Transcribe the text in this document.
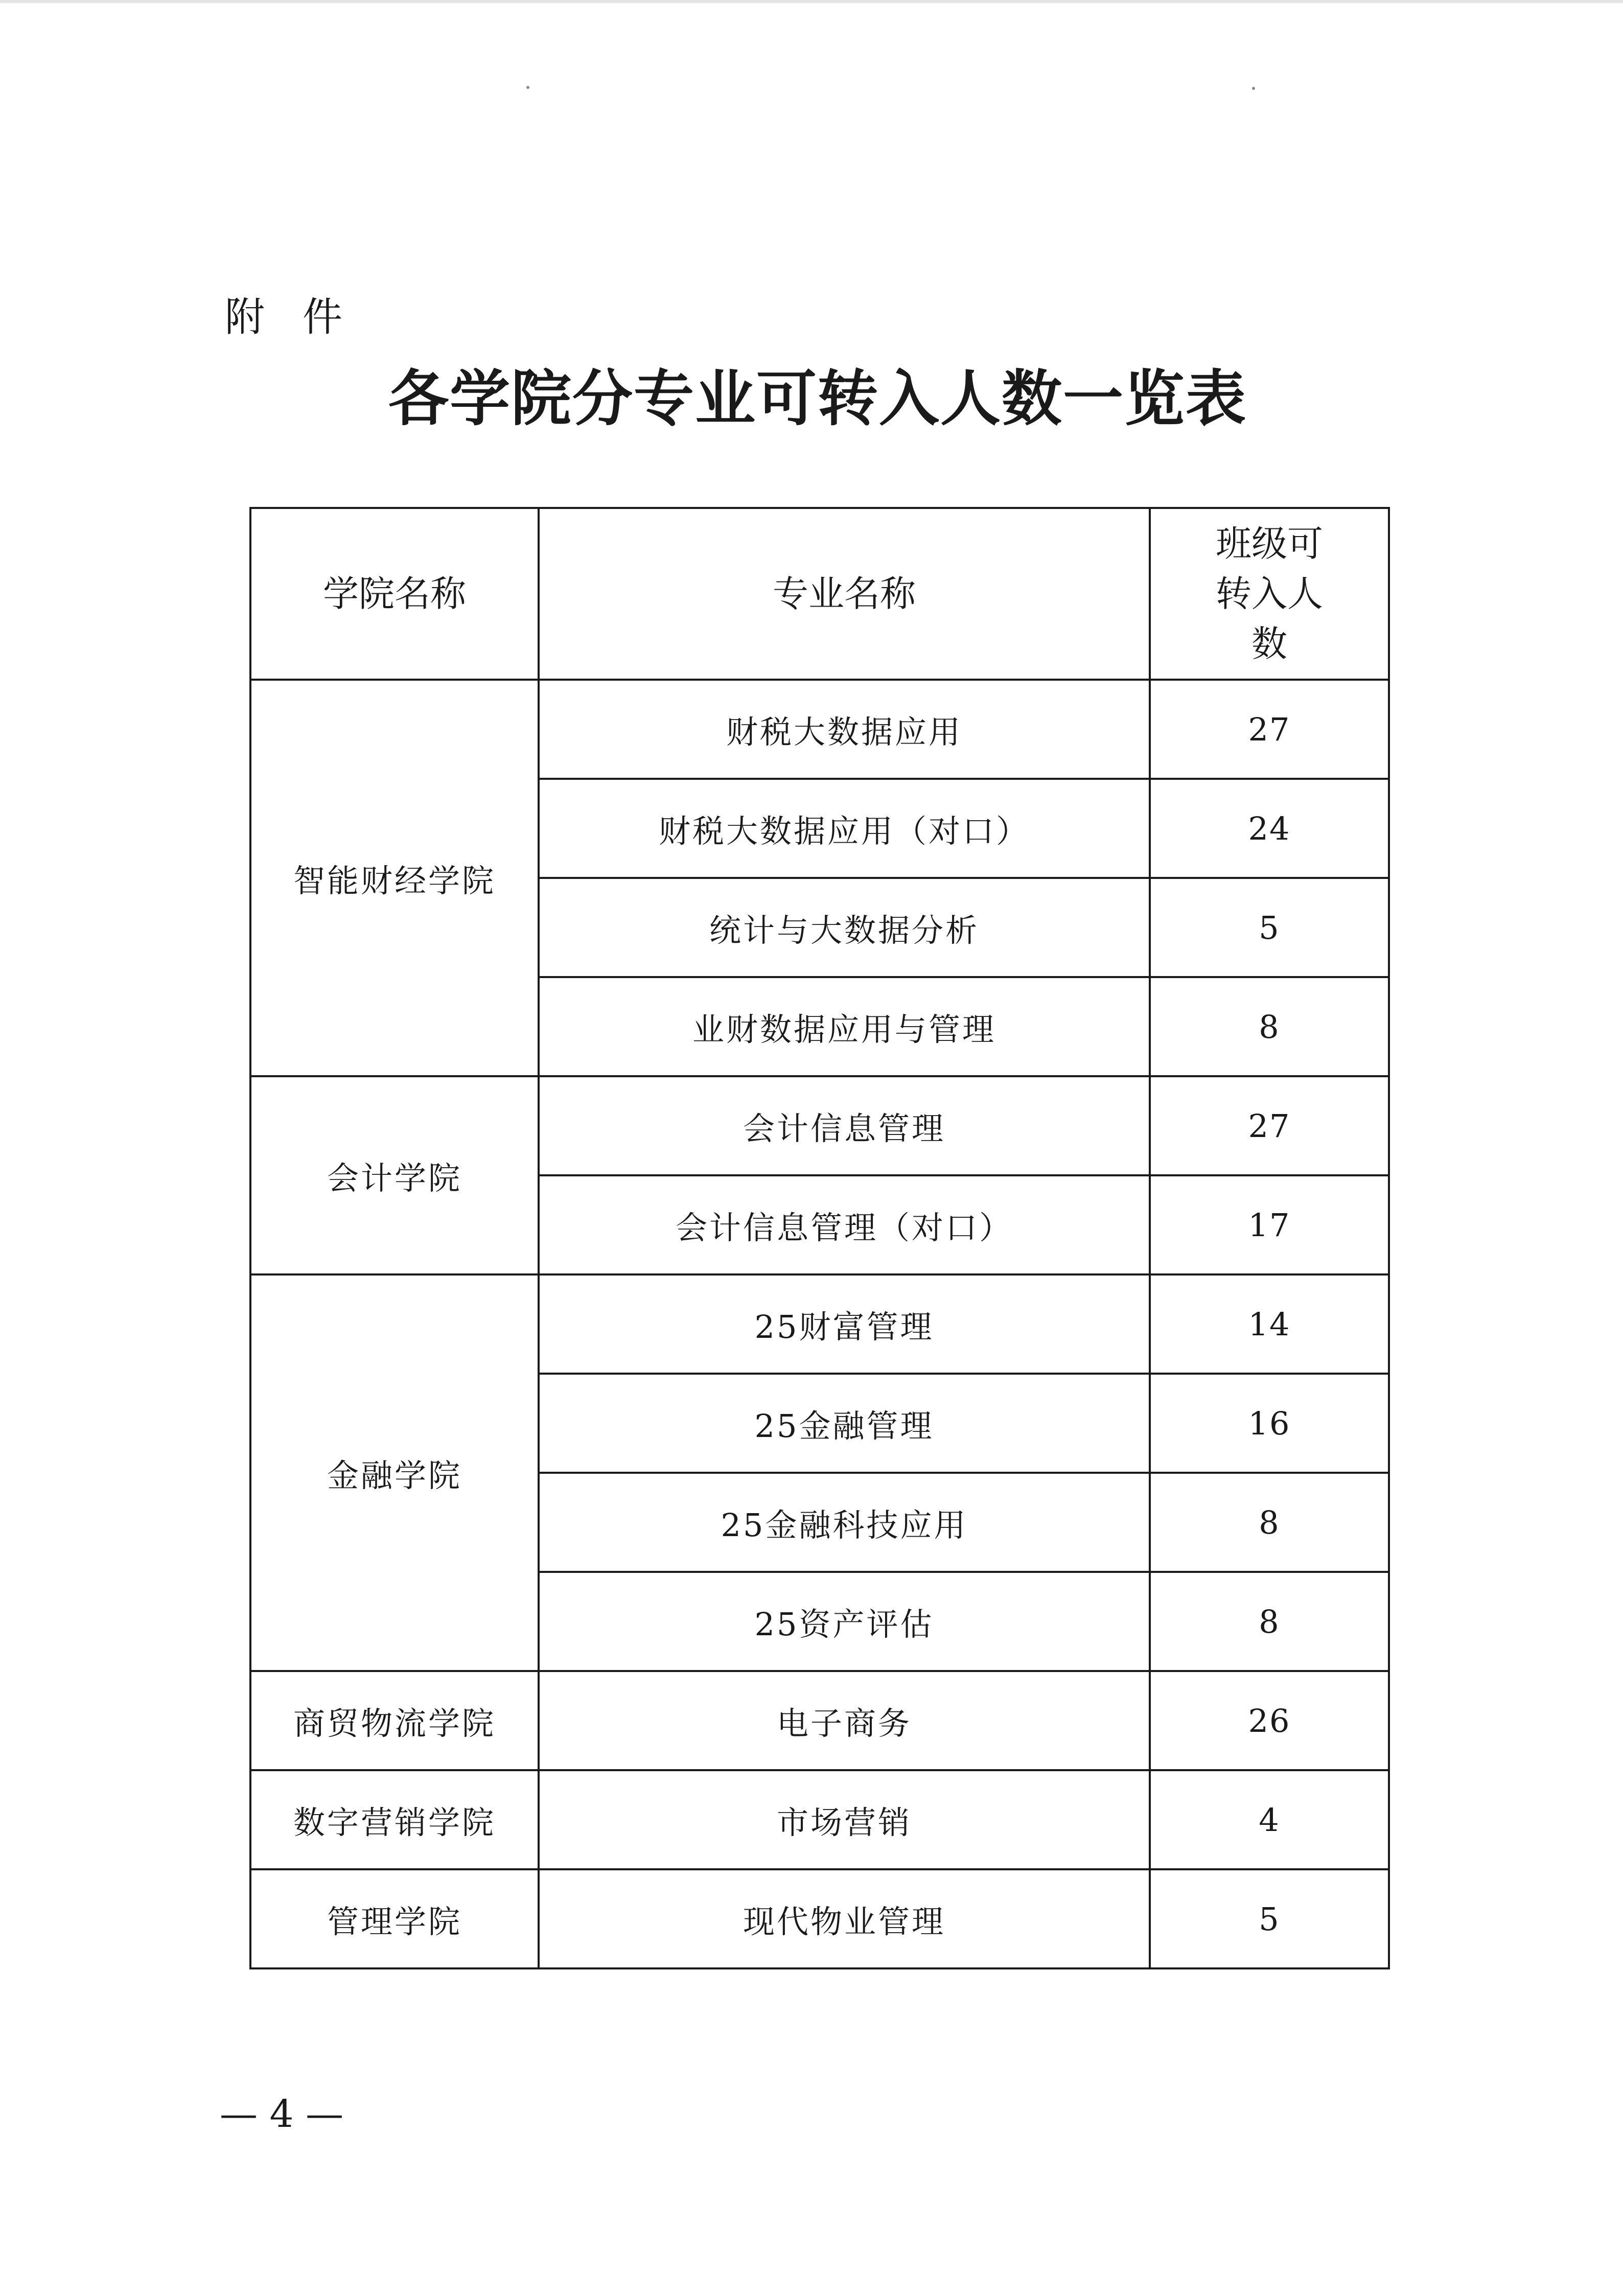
附件
各学院分专业可转入人数一览表
学院名称	专业名称	班级可转入人数
智能财经学院	财税大数据应用	27
	财税大数据应用（对口）	24
	统计与大数据分析	5
	业财数据应用与管理	8
会计学院	会计信息管理	27
	会计信息管理（对口）	17
金融学院	25财富管理	14
	25金融管理	16
	25金融科技应用	8
	25资产评估	8
商贸物流学院	电子商务	26
数字营销学院	市场营销	4
管理学院	现代物业管理	5
— 4 —
